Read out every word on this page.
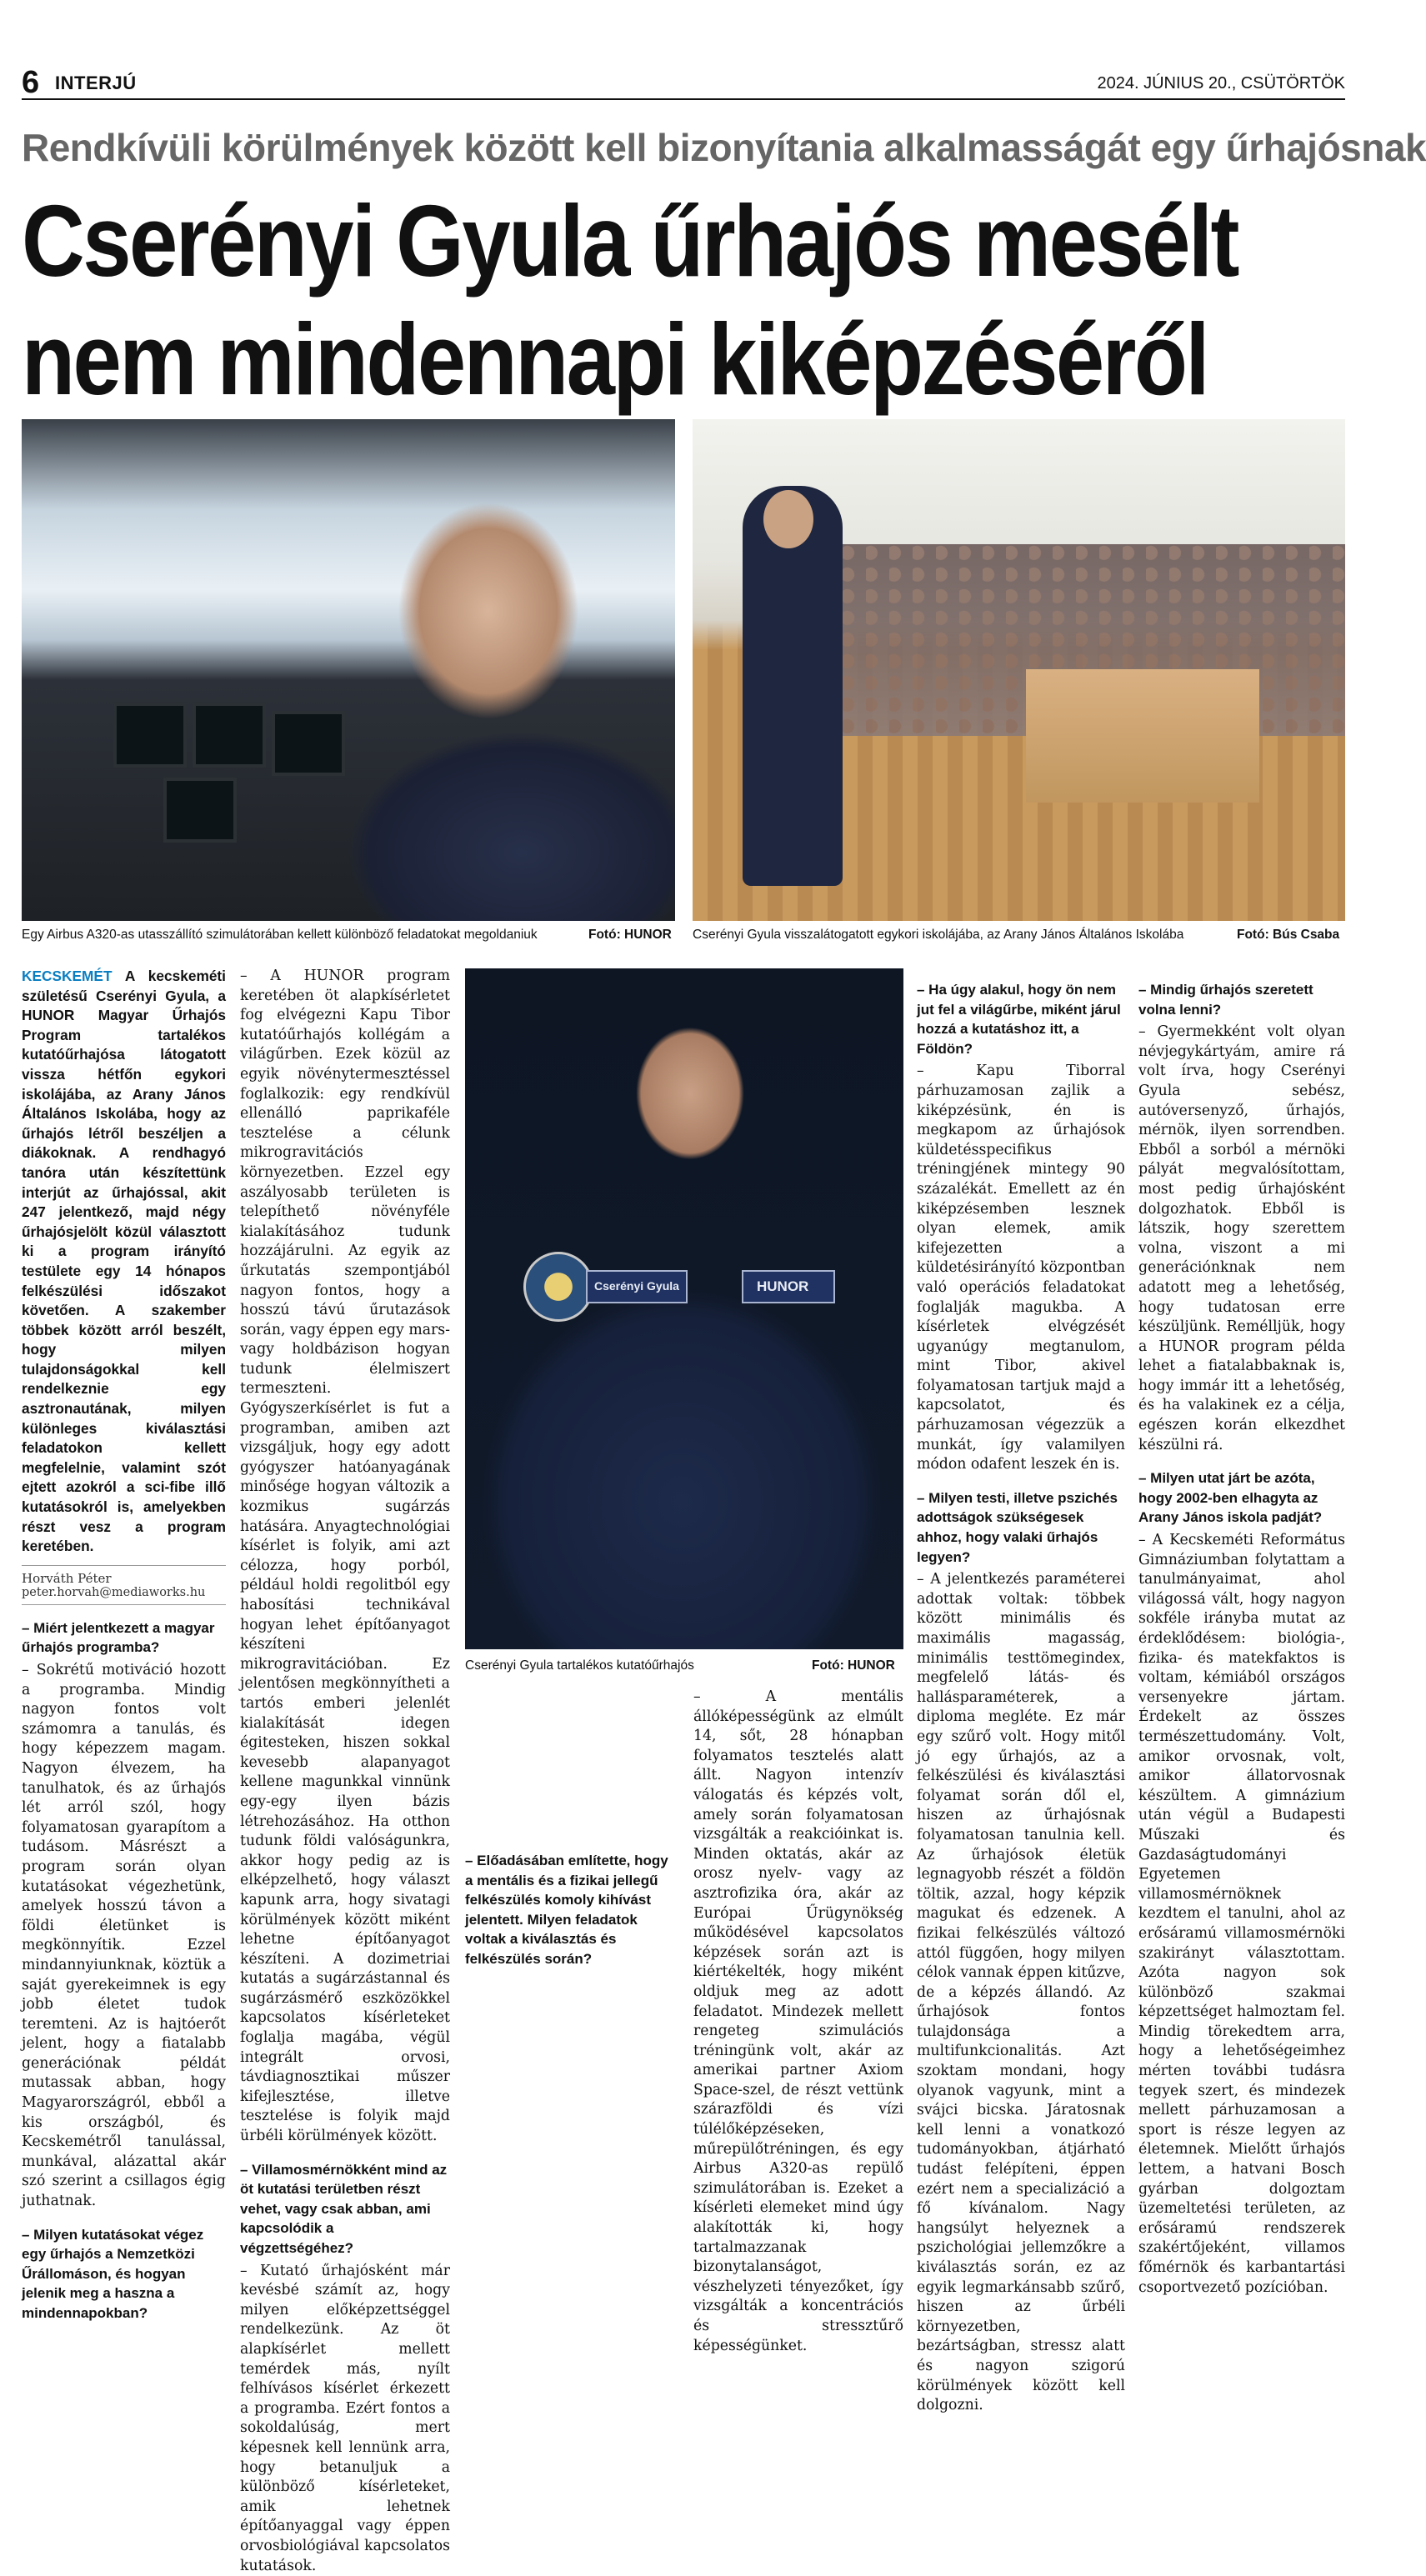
6 INTERJÚ	2024. JÚNIUS 20., CSÜTÖRTÖK
Rendkívüli körülmények között kell bizonyítania alkalmasságát egy űrhajósnak
Cserényi Gyula űrhajós mesélt
nem mindennapi kiképzéséről
Egy Airbus A320-as utasszállító szimulátorában kellett különböző feladatokat megoldaniuk	Fotó: HUNOR Cserényi Gyula visszalátogatott egykori iskolájába, az Arany János Általános Iskolába	Fotó: Bús Csaba
Cserényi Gyula	HUNOR
Cserényi Gyula tartalékos kutatóűrhajós	Fotó: HUNOR

KECSKEMÉT A kecskeméti születésű Cserényi Gyula, a HUNOR Magyar Űrhajós Program tartalékos kutatóűrhajósa látogatott vissza hétfőn egykori iskolájába, az Arany János Általános Iskolába, hogy az űrhajós létről beszéljen a diákoknak. A rendhagyó tanóra után készítettünk interjút az űrhajóssal, akit 247 jelentkező, majd négy űrhajósjelölt közül választott ki a program irányító testülete egy 14 hónapos felkészülési időszakot követően. A szakember többek között arról beszélt, hogy milyen tulajdonságokkal kell rendelkeznie egy asztronautának, milyen különleges kiválasztási feladatokon kellett megfelelnie, valamint szót ejtett azokról a sci-fibe illő kutatásokról is, amelyekben részt vesz a program keretében.

Horváth Péter

peter.horvah@mediaworks.hu

– Miért jelentkezett a magyar űrhajós programba?

– Sokrétű motiváció hozott a programba. Mindig nagyon fontos volt számomra a tanulás, és hogy képezzem magam. Nagyon élvezem, ha tanulhatok, és az űrhajós lét arról szól, hogy folyamatosan gyarapítom a tudásom. Másrészt a program során olyan kutatásokat végezhetünk, amelyek hosszú távon a földi életünket is megkönnyítik. Ezzel mindannyiunknak, köztük a saját gyerekeimnek is egy jobb életet tudok teremteni. Az is hajtóerőt jelent, hogy a fiatalabb generációnak példát mutassak abban, hogy Magyarországról, ebből a kis országból, és Kecskemétről tanulással, munkával, alázattal akár szó szerint a csillagos égig juthatnak.

– Milyen kutatásokat végez egy űrhajós a Nemzetközi Űrállomáson, és hogyan jelenik meg a haszna a mindennapokban?

– A HUNOR program keretében öt alapkísérletet fog elvégezni Kapu Tibor kutatóűrhajós kollégám a világűrben. Ezek közül az egyik növénytermesztéssel foglalkozik: egy rendkívül ellenálló paprikaféle tesztelése a célunk mikrogravitációs környezetben. Ezzel egy aszályosabb területen is telepíthető növényféle kialakításához tudunk hozzájárulni. Az egyik az űrkutatás szempontjából nagyon fontos, hogy a hosszú távú űrutazások során, vagy éppen egy mars- vagy holdbázison hogyan tudunk élelmiszert termeszteni. Gyógyszerkísérlet is fut a programban, amiben azt vizsgáljuk, hogy egy adott gyógyszer hatóanyagának minősége hogyan változik a kozmikus sugárzás hatására. Anyagtechnológiai kísérlet is folyik, ami azt célozza, hogy porból, például holdi regolitból egy habosítási technikával hogyan lehet építőanyagot készíteni mikrogravitációban. Ez jelentősen megkönnyítheti a tartós emberi jelenlét kialakítását idegen égitesteken, hiszen sokkal kevesebb alapanyagot kellene magunkkal vinnünk egy-egy ilyen bázis létrehozásához. Ha otthon tudunk földi valóságunkra, akkor hogy pedig az is elképzelhető, hogy választ kapunk arra, hogy sivatagi körülmények között miként lehetne építőanyagot készíteni. A dozimetriai kutatás a sugárzástannal és sugárzásmérő eszközökkel kapcsolatos kísérleteket foglalja magába, végül integrált orvosi, távdiagnosztikai műszer kifejlesztése, illetve tesztelése is folyik majd ürbéli körülmények között.

– Villamosmérnökként mind az öt kutatási területben részt vehet, vagy csak abban, ami kapcsolódik a végzettségéhez?

– Kutató űrhajósként már kevésbé számít az, hogy milyen előképzettséggel rendelkezünk. Az öt alapkísérlet mellett temérdek más, nyílt felhívásos kísérlet érkezett a programba. Ezért fontos a sokoldalúság, mert képesnek kell lennünk arra, hogy betanuljuk a különböző kísérleteket, amik lehetnek építőanyaggal vagy éppen orvosbiológiával kapcsolatos kutatások.

– Előadásában említette, hogy a mentális és a fizikai jellegű felkészülés komoly kihívást jelentett. Milyen feladatok voltak a kiválasztás és felkészülés során?

– A mentális állóképességünk az elmúlt 14, sőt, 28 hónapban folyamatos tesztelés alatt állt. Nagyon intenzív válogatás és képzés volt, amely során folyamatosan vizsgálták a reakcióinkat is. Minden oktatás, akár az orosz nyelv- vagy az asztrofizika óra, akár az Európai Űrügynökség működésével kapcsolatos képzések során azt is kiértékelték, hogy miként oldjuk meg az adott feladatot. Mindezek mellett rengeteg szimulációs tréningünk volt, akár az amerikai partner Axiom Space-szel, de részt vettünk szárazföldi és vízi túlélőképzéseken, műrepülőtréningen, és egy Airbus A320-as repülő szimulátorában is. Ezeket a kísérleti elemeket mind úgy alakították ki, hogy tartalmazzanak bizonytalanságot, vészhelyzeti tényezőket, így vizsgálták a koncentrációs és stressztűrő képességünket.

– Ha úgy alakul, hogy ön nem jut fel a világűrbe, miként járul hozzá a kutatáshoz itt, a Földön?

– Kapu Tiborral párhuzamosan zajlik a kiképzésünk, én is megkapom az űrhajósok küldetésspecifikus tréningjének mintegy 90 százalékát. Emellett az én kiképzésemben lesznek olyan elemek, amik kifejezetten a küldetésirányító központban való operációs feladatokat foglalják magukba. A kísérletek elvégzését ugyanúgy megtanulom, mint Tibor, akivel folyamatosan tartjuk majd a kapcsolatot, és párhuzamosan végezzük a munkát, így valamilyen módon odafent leszek én is.

– Milyen testi, illetve pszichés adottságok szükségesek ahhoz, hogy valaki űrhajós legyen?

– A jelentkezés paraméterei adottak voltak: többek között minimális és maximális magasság, minimális testtömegindex, megfelelő látás- és hallásparaméterek, a diploma megléte. Ez már egy szűrő volt. Hogy mitől jó egy űrhajós, az a felkészülési és kiválasztási folyamat során dől el, hiszen az űrhajósnak folyamatosan tanulnia kell. Az űrhajósok életük legnagyobb részét a földön töltik, azzal, hogy képzik magukat és edzenek. A fizikai felkészülés változó attól függően, hogy milyen célok vannak éppen kitűzve, de a képzés állandó. Az űrhajósok fontos tulajdonsága a multifunkcionalitás. Azt szoktam mondani, hogy olyanok vagyunk, mint a svájci bicska. Járatosnak kell lenni a vonatkozó tudományokban, átjárható tudást felépíteni, éppen ezért nem a specializáció a fő kívánalom. Nagy hangsúlyt helyeznek a pszichológiai jellemzőkre a kiválasztás során, ez az egyik legmarkánsabb szűrő, hiszen az űrbéli környezetben, bezártságban, stressz alatt és nagyon szigorú körülmények között kell dolgozni.

– Mindig űrhajós szeretett volna lenni?

– Gyermekként volt olyan névjegykártyám, amire rá volt írva, hogy Cserényi Gyula sebész, autóversenyző, űrhajós, mérnök, ilyen sorrendben. Ebből a sorból a mérnöki pályát megvalósítottam, most pedig űrhajósként dolgozhatok. Ebből is látszik, hogy szerettem volna, viszont a mi generációnknak nem adatott meg a lehetőség, hogy tudatosan erre készüljünk. Remélljük, hogy a HUNOR program példa lehet a fiatalabbaknak is, hogy immár itt a lehetőség, és ha valakinek ez a célja, egészen korán elkezdhet készülni rá.

– Milyen utat járt be azóta, hogy 2002-ben elhagyta az Arany János iskola padját?

– A Kecskeméti Református Gimnáziumban folytattam a tanulmányaimat, ahol világossá vált, hogy nagyon sokféle irányba mutat az érdeklődésem: biológia-, fizika- és matekfaktos is voltam, kémiából országos versenyekre jártam. Érdekelt az összes természettudomány. Volt, amikor orvosnak, volt, amikor állatorvosnak készültem. A gimnázium után végül a Budapesti Műszaki és Gazdaságtudományi Egyetemen villamosmérnöknek kezdtem el tanulni, ahol az erősáramú villamosmérnöki szakirányt választottam. Azóta nagyon sok különböző szakmai képzettséget halmoztam fel. Mindig törekedtem arra, hogy a lehetőségeimhez mérten további tudásra tegyek szert, és mindezek mellett párhuzamosan a sport is része legyen az életemnek. Mielőtt űrhajós lettem, a hatvani Bosch gyárban dolgoztam üzemeltetési területen, az erősáramú rendszerek szakértőjeként, villamos főmérnök és karbantartási csoportvezető pozícióban.
